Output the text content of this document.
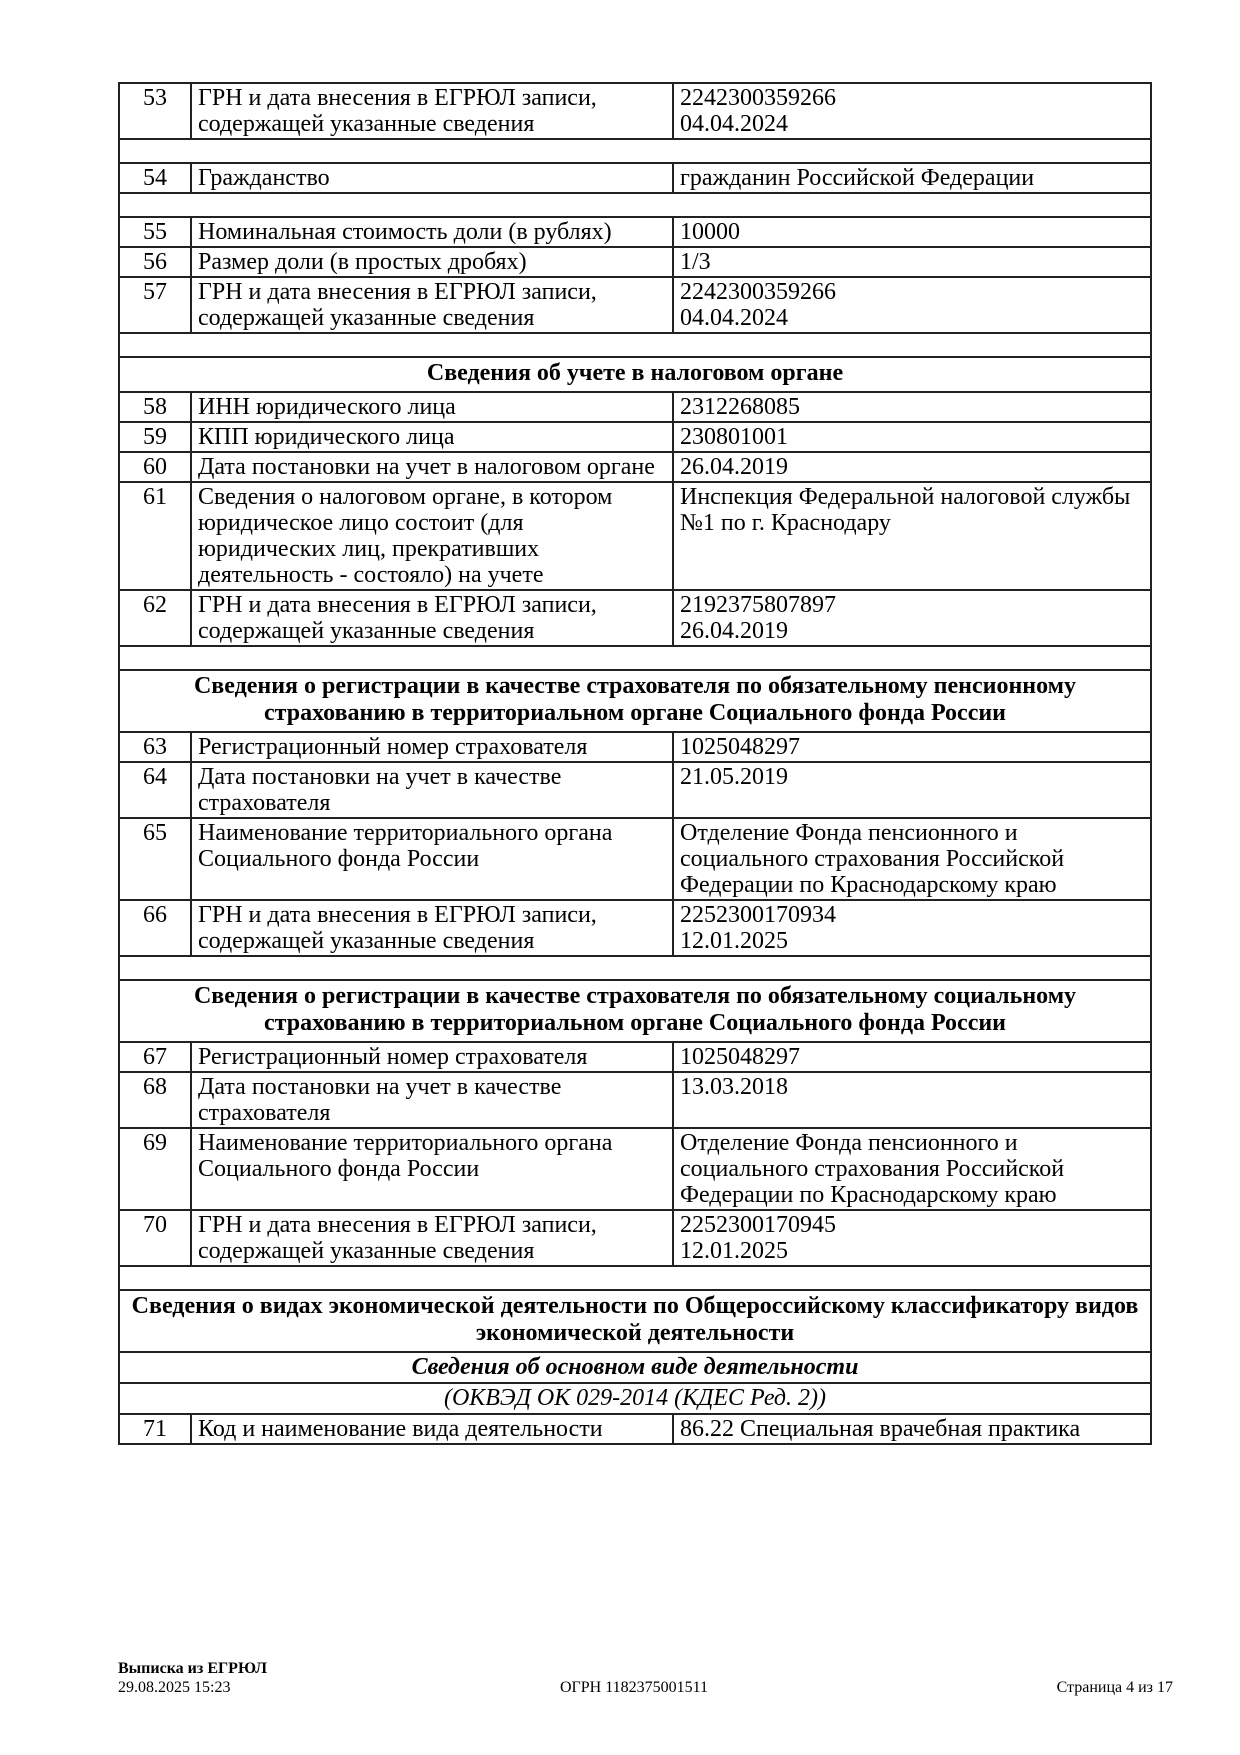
53	ГРН и дата внесения в ЕГРЮЛ записи, содержащей указанные сведения	2242300359266
04.04.2024

54	Гражданство	гражданин Российской Федерации

55	Номинальная стоимость доли (в рублях)	10000

56	Размер доли (в простых дробях)	1/3

57	ГРН и дата внесения в ЕГРЮЛ записи, содержащей указанные сведения	2242300359266
04.04.2024

Сведения об учете в налоговом органе		
58	ИНН юридического лица	2312268085

59	КПП юридического лица	230801001

60	Дата постановки на учет в налоговом органе	26.04.2019

61	Сведения о налоговом органе, в котором юридическое лицо состоит (для юридических лиц, прекративших деятельность - состояло) на учете	Инспекция Федеральной налоговой службы №1 по г. Краснодару

62	ГРН и дата внесения в ЕГРЮЛ записи, содержащей указанные сведения	2192375807897
26.04.2019

Сведения о регистрации в качестве страхователя по обязательному пенсионному страхованию в территориальном органе Социального фонда России		
63	Регистрационный номер страхователя	1025048297

64	Дата постановки на учет в качестве страхователя	21.05.2019

65	Наименование территориального органа Социального фонда России	Отделение Фонда пенсионного и социального страхования Российской Федерации по Краснодарскому краю

66	ГРН и дата внесения в ЕГРЮЛ записи, содержащей указанные сведения	2252300170934
12.01.2025

Сведения о регистрации в качестве страхователя по обязательному социальному страхованию в территориальном органе Социального фонда России		
67	Регистрационный номер страхователя	1025048297

68	Дата постановки на учет в качестве страхователя	13.03.2018

69	Наименование территориального органа Социального фонда России	Отделение Фонда пенсионного и социального страхования Российской Федерации по Краснодарскому краю

70	ГРН и дата внесения в ЕГРЮЛ записи, содержащей указанные сведения	2252300170945
12.01.2025

Сведения о видах экономической деятельности по Общероссийскому классификатору видов экономической деятельности		
Сведения об основном виде деятельности		
(ОКВЭД ОК 029-2014 (КДЕС Ред. 2))		
71	Код и наименование вида деятельности	86.22 Специальная врачебная практика
Выписка из ЕГРЮЛ
29.08.2025 15:23	ОГРН 1182375001511	Страница 4 из 17
